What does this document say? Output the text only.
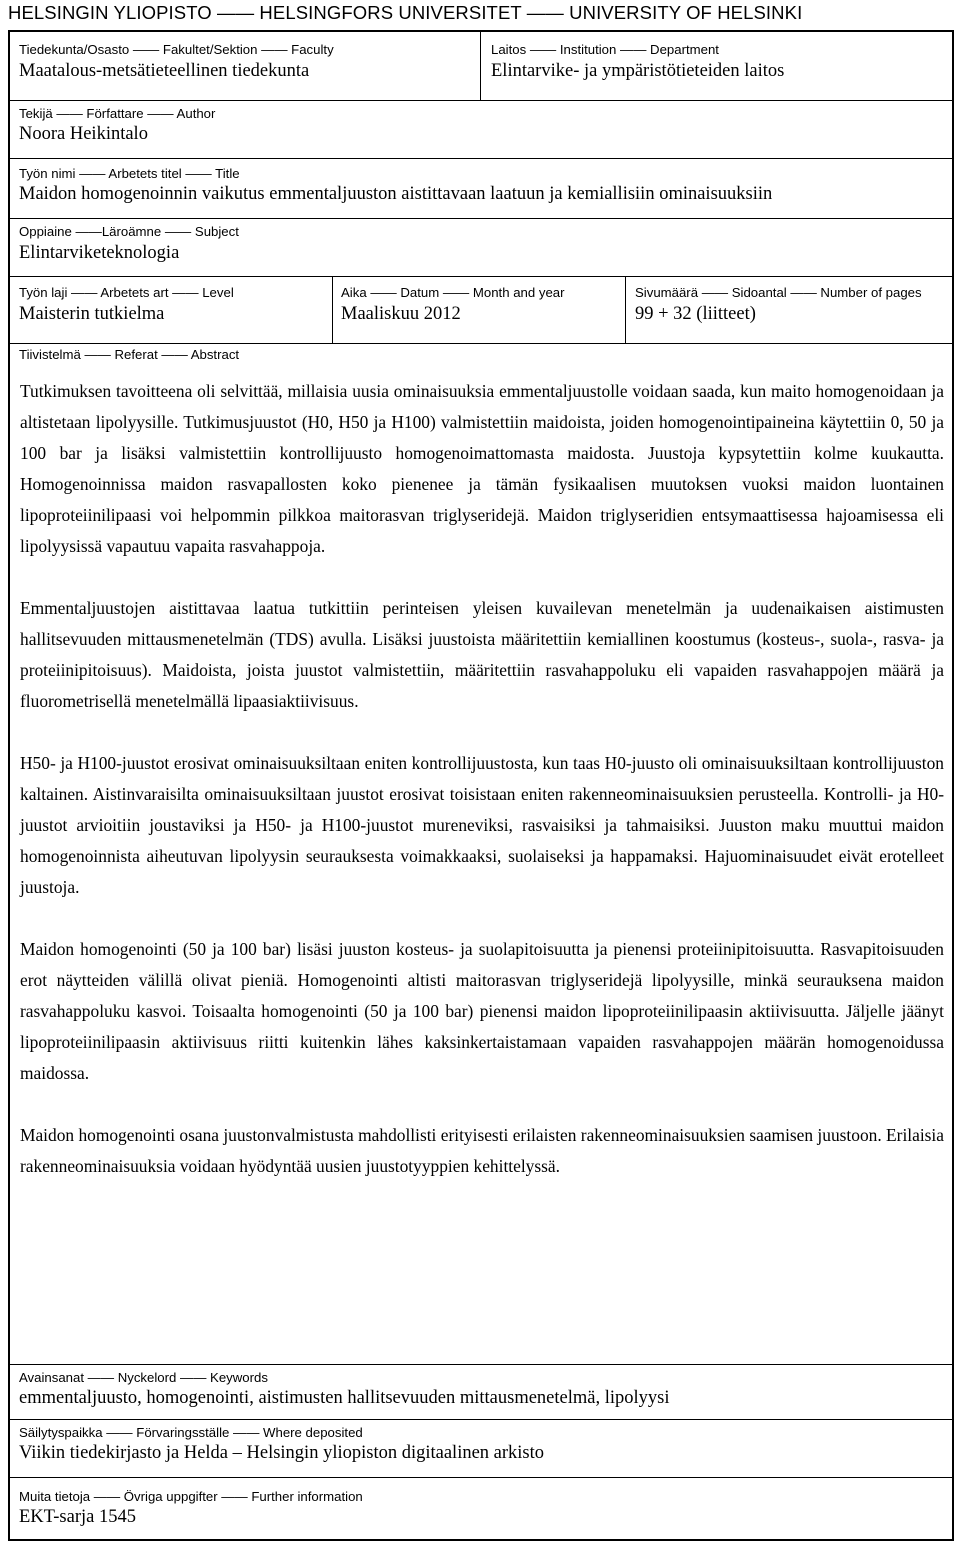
HELSINGIN YLIOPISTO —— HELSINGFORS UNIVERSITET —— UNIVERSITY OF HELSINKI
Tiedekunta/Osasto —— Fakultet/Sektion —— Faculty
Maatalous-metsätieteellinen tiedekunta
Laitos —— Institution —— Department
Elintarvike- ja ympäristötieteiden laitos
Tekijä —— Författare —— Author
Noora Heikintalo
Työn nimi —— Arbetets titel —— Title
Maidon homogenoinnin vaikutus emmentaljuuston aistittavaan laatuun ja kemiallisiin ominaisuuksiin
Oppiaine ——Läroämne —— Subject
Elintarviketeknologia
Työn laji —— Arbetets art —— Level
Maisterin tutkielma
Aika —— Datum —— Month and year
Maaliskuu 2012
Sivumäärä —— Sidoantal —— Number of pages
99 + 32 (liitteet)
Tiivistelmä —— Referat —— Abstract

Tutkimuksen tavoitteena oli selvittää, millaisia uusia ominaisuuksia emmentaljuustolle voidaan saada, kun maito homogenoidaan ja altistetaan lipolyysille. Tutkimusjuustot (H0, H50 ja H100) valmistettiin maidoista, joiden homogenointipaineina käytettiin 0, 50 ja 100 bar ja lisäksi valmistettiin kontrollijuusto homogenoimattomasta maidosta. Juustoja kypsytettiin kolme kuukautta. Homogenoinnissa maidon rasvapallosten koko pienenee ja tämän fysikaalisen muutoksen vuoksi maidon luontainen lipoproteiinilipaasi voi helpommin pilkkoa maitorasvan triglyseridejä. Maidon triglyseridien entsymaattisessa hajoamisessa eli lipolyysissä vapautuu vapaita rasvahappoja.

Emmentaljuustojen aistittavaa laatua tutkittiin perinteisen yleisen kuvailevan menetelmän ja uudenaikaisen aistimusten hallitsevuuden mittausmenetelmän (TDS) avulla. Lisäksi juustoista määritettiin kemiallinen koostumus (kosteus-, suola-, rasva- ja proteiinipitoisuus). Maidoista, joista juustot valmistettiin, määritettiin rasvahappoluku eli vapaiden rasvahappojen määrä ja fluorometrisellä menetelmällä lipaasiaktiivisuus.

H50- ja H100-juustot erosivat ominaisuuksiltaan eniten kontrollijuustosta, kun taas H0-juusto oli ominaisuuksiltaan kontrollijuuston kaltainen. Aistinvaraisilta ominaisuuksiltaan juustot erosivat toisistaan eniten rakenneominaisuuksien perusteella. Kontrolli- ja H0-juustot arvioitiin joustaviksi ja H50- ja H100-juustot mureneviksi, rasvaisiksi ja tahmaisiksi. Juuston maku muuttui maidon homogenoinnista aiheutuvan lipolyysin seurauksesta voimakkaaksi, suolaiseksi ja happamaksi. Hajuominaisuudet eivät erotelleet juustoja.

Maidon homogenointi (50 ja 100 bar) lisäsi juuston kosteus- ja suolapitoisuutta ja pienensi proteiinipitoisuutta. Rasvapitoisuuden erot näytteiden välillä olivat pieniä. Homogenointi altisti maitorasvan triglyseridejä lipolyysille, minkä seurauksena maidon rasvahappoluku kasvoi. Toisaalta homogenointi (50 ja 100 bar) pienensi maidon lipoproteiinilipaasin aktiivisuutta. Jäljelle jäänyt lipoproteiinilipaasin aktiivisuus riitti kuitenkin lähes kaksinkertaistamaan vapaiden rasvahappojen määrän homogenoidussa maidossa.

Maidon homogenointi osana juustonvalmistusta mahdollisti erityisesti erilaisten rakenneominaisuuksien saamisen juustoon. Erilaisia rakenneominaisuuksia voidaan hyödyntää uusien juustotyyppien kehittelyssä.

Avainsanat —— Nyckelord —— Keywords
emmentaljuusto, homogenointi, aistimusten hallitsevuuden mittausmenetelmä, lipolyysi
Säilytyspaikka —— Förvaringsställe —— Where deposited
Viikin tiedekirjasto ja Helda – Helsingin yliopiston digitaalinen arkisto
Muita tietoja —— Övriga uppgifter —— Further information
EKT-sarja 1545
